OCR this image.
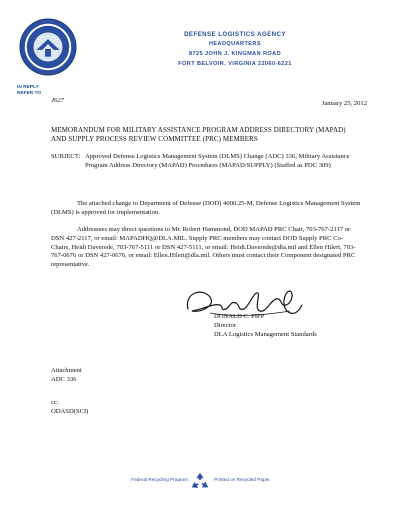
DEFENSE LOGISTICS AGENCY
HEADQUARTERS
8725 JOHN J. KINGMAN ROAD
FORT BELVOIR, VIRGINIA 22060-6221
IN REPLY
REFER TO
J627	January 25, 2012
MEMORANDUM FOR MILITARY ASSISTANCE PROGRAM ADDRESS DIRECTORY (MAPAD) AND SUPPLY PROCESS REVIEW COMMITTEE (PRC) MEMBERS
SUBJECT: Approved Defense Logistics Management System (DLMS) Change (ADC) 336, Military Assistance Program Address Directory (MAPAD) Procedures (MAPAD/SUPPLY) (Staffed as PDC 309)
The attached change to Department of Defense (DOD) 4000.25-M, Defense Logistics Management System (DLMS) is approved for implementation.
Addressees may direct questions to Mr. Robert Hammond, DOD MAPAD PRC Chair, 703-767-2117 or DSN 427-2117, or email: MAPADHQ@DLA.MIL. Supply PRC members may contact DOD Supply PRC Co-Chairs, Heidi Daverede, 703-767-5111 or DSN 427-5111, or email: Heidi.Daverede@dla.mil and Ellen Hilert, 703-767-0676 or DSN 427-0676, or email: Ellen.Hilert@dla.mil. Others must contact their Component designated PRC representative.
DONALD C. PIPP
Director
DLA Logistics Management Standards
Attachment
ADC 336
cc:
ODASD(SCI)
Federal Recycling Program	Printed on Recycled Paper
